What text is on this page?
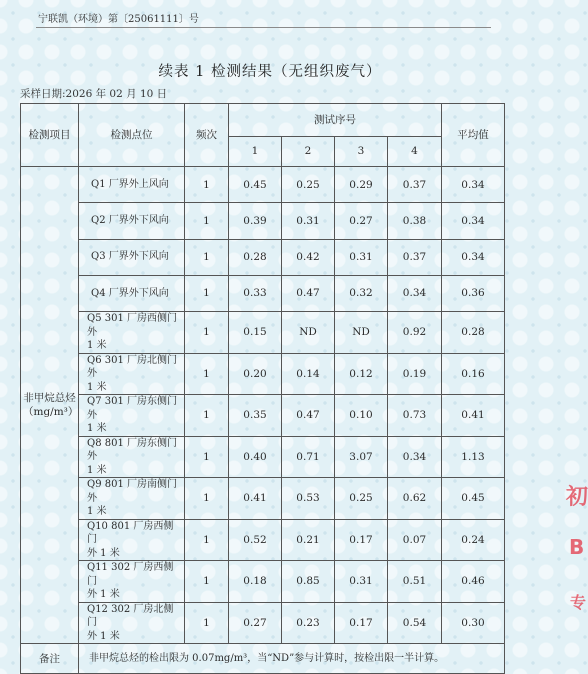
宁联凯（环境）第〔25061111〕号
续表 1 检测结果（无组织废气）
采样日期:2026 年 02 月 10 日
检测项目	检测点位	频次	测试序号				平均值
			1	2	3	4	

非甲烷总烃
（mg/m³）	Q1 厂界外上风向	1	0.45	0.25	0.29	0.37	0.34
	Q2 厂界外下风向	1	0.39	0.31	0.27	0.38	0.34
	Q3 厂界外下风向	1	0.28	0.42	0.31	0.37	0.34
	Q4 厂界外下风向	1	0.33	0.47	0.32	0.34	0.36

	Q5 301 厂房西侧门外
1 米	1	0.15	ND	ND	0.92	0.28

	Q6 301 厂房北侧门外
1 米	1	0.20	0.14	0.12	0.19	0.16

	Q7 301 厂房东侧门外
1 米	1	0.35	0.47	0.10	0.73	0.41

	Q8 801 厂房东侧门外
1 米	1	0.40	0.71	3.07	0.34	1.13

	Q9 801 厂房南侧门外
1 米	1	0.41	0.53	0.25	0.62	0.45

	Q10 801 厂房西侧门
外 1 米	1	0.52	0.21	0.17	0.07	0.24

	Q11 302 厂房西侧门
外 1 米	1	0.18	0.85	0.31	0.51	0.46

	Q12 302 厂房北侧门
外 1 米	1	0.27	0.23	0.17	0.54	0.30
备注	非甲烷总烃的检出限为 0.07mg/m³，当“ND”参与计算时，按检出限一半计算。						
初
B
专
